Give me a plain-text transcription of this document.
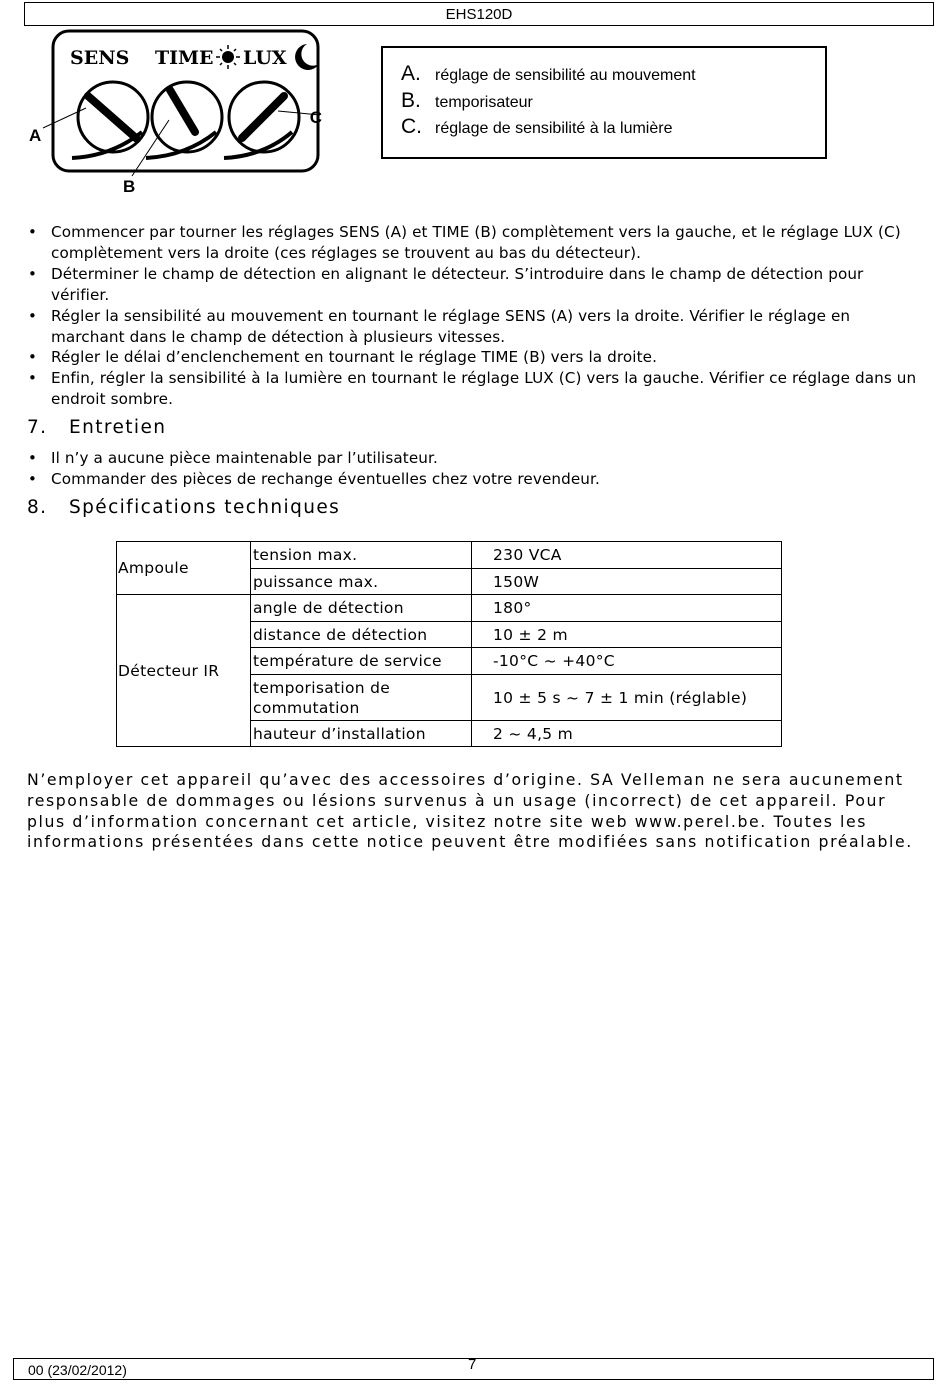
EHS120D
SENS TIME LUX
A
B
C
A. réglage de sensibilité au mouvement
B. temporisateur
C. réglage de sensibilité à la lumière
• Commencer par tourner les réglages SENS (A) et TIME (B) complètement vers la gauche, et le réglage LUX (C) complètement vers la droite (ces réglages se trouvent au bas du détecteur).
• Déterminer le champ de détection en alignant le détecteur. S’introduire dans le champ de détection pour vérifier.
• Régler la sensibilité au mouvement en tournant le réglage SENS (A) vers la droite. Vérifier le réglage en marchant dans le champ de détection à plusieurs vitesses.
• Régler le délai d’enclenchement en tournant le réglage TIME (B) vers la droite.
• Enfin, régler la sensibilité à la lumière en tournant le réglage LUX (C) vers la gauche. Vérifier ce réglage dans un endroit sombre.
7. Entretien
• Il n’y a aucune pièce maintenable par l’utilisateur.
• Commander des pièces de rechange éventuelles chez votre revendeur.
8. Spécifications techniques
Ampoule	tension max.	230 VCA
	puissance max.	150W
Détecteur IR	angle de détection	180°
	distance de détection	10 ± 2 m
	température de service	-10°C ~ +40°C
	temporisation de commutation	10 ± 5 s ~ 7 ± 1 min (réglable)
	hauteur d’installation	2 ~ 4,5 m

N’employer cet appareil qu’avec des accessoires d’origine. SA Velleman ne sera aucunement responsable de dommages ou lésions survenus à un usage (incorrect) de cet appareil. Pour plus d’information concernant cet article, visitez notre site web www.perel.be. Toutes les informations présentées dans cette notice peuvent être modifiées sans notification préalable.

00 (23/02/2012)	7
